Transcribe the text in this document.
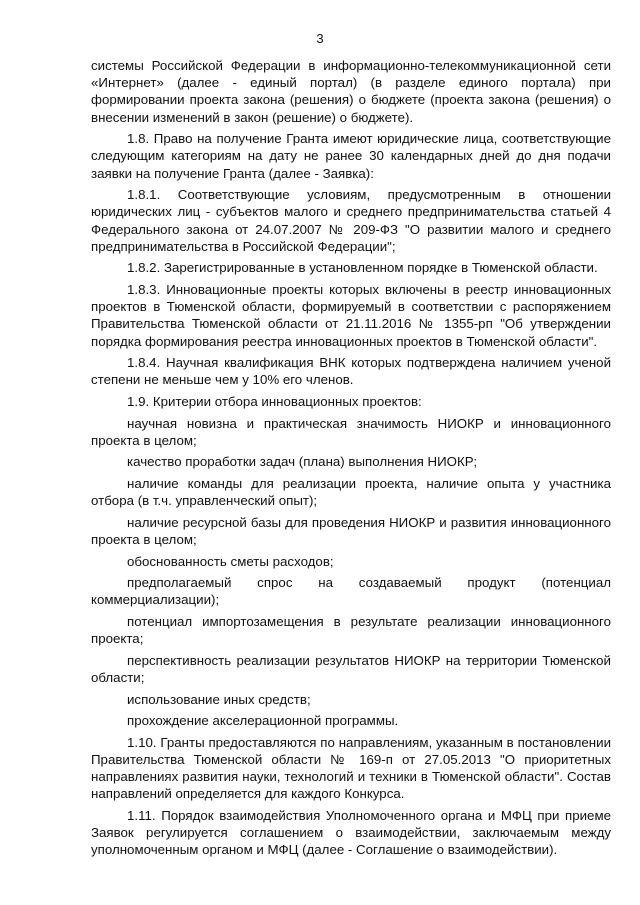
3

системы Российской Федерации в информационно-телекоммуникационной сети «Интернет» (далее - единый портал) (в разделе единого портала) при формировании проекта закона (решения) о бюджете (проекта закона (решения) о внесении изменений в закон (решение) о бюджете).

1.8. Право на получение Гранта имеют юридические лица, соответствующие следующим категориям на дату не ранее 30 календарных дней до дня подачи заявки на получение Гранта (далее - Заявка):

1.8.1. Соответствующие условиям, предусмотренным в отношении юридических лиц - субъектов малого и среднего предпринимательства статьей 4 Федерального закона от 24.07.2007 № 209-ФЗ "О развитии малого и среднего предпринимательства в Российской Федерации";

1.8.2. Зарегистрированные в установленном порядке в Тюменской области.

1.8.3. Инновационные проекты которых включены в реестр инновационных проектов в Тюменской области, формируемый в соответствии с распоряжением Правительства Тюменской области от 21.11.2016 № 1355-рп "Об утверждении порядка формирования реестра инновационных проектов в Тюменской области".

1.8.4. Научная квалификация ВНК которых подтверждена наличием ученой степени не меньше чем у 10% его членов.

1.9. Критерии отбора инновационных проектов:

научная новизна и практическая значимость НИОКР и инновационного проекта в целом;

качество проработки задач (плана) выполнения НИОКР;

наличие команды для реализации проекта, наличие опыта у участника отбора (в т.ч. управленческий опыт);

наличие ресурсной базы для проведения НИОКР и развития инновационного проекта в целом;

обоснованность сметы расходов;

предполагаемый спрос на создаваемый продукт (потенциал коммерциализации);

потенциал импортозамещения в результате реализации инновационного проекта;

перспективность реализации результатов НИОКР на территории Тюменской области;

использование иных средств;

прохождение акселерационной программы.

1.10. Гранты предоставляются по направлениям, указанным в постановлении Правительства Тюменской области № 169-п от 27.05.2013 "О приоритетных направлениях развития науки, технологий и техники в Тюменской области". Состав направлений определяется для каждого Конкурса.

1.11. Порядок взаимодействия Уполномоченного органа и МФЦ при приеме Заявок регулируется соглашением о взаимодействии, заключаемым между уполномоченным органом и МФЦ (далее - Соглашение о взаимодействии).
